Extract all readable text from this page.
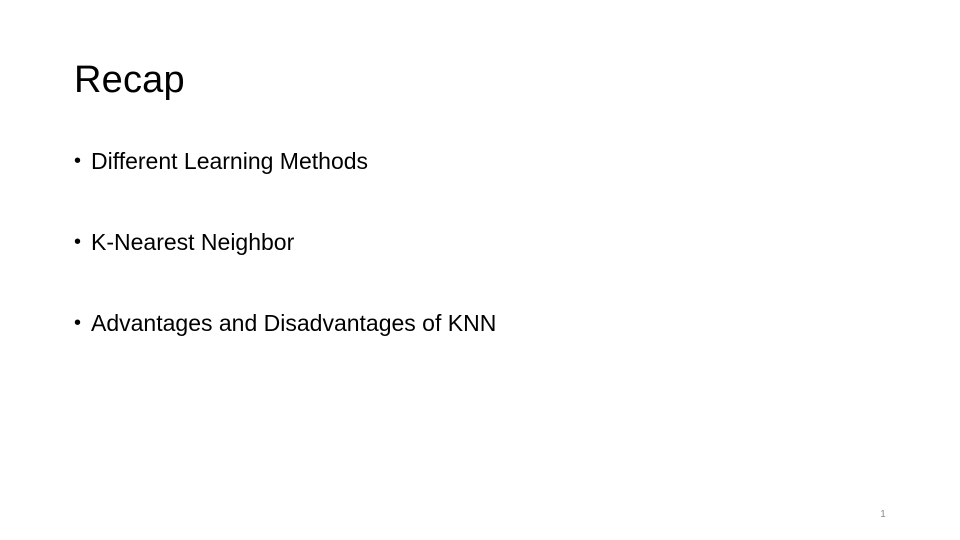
Recap
• Different Learning Methods
• K-Nearest Neighbor
• Advantages and Disadvantages of KNN
1
